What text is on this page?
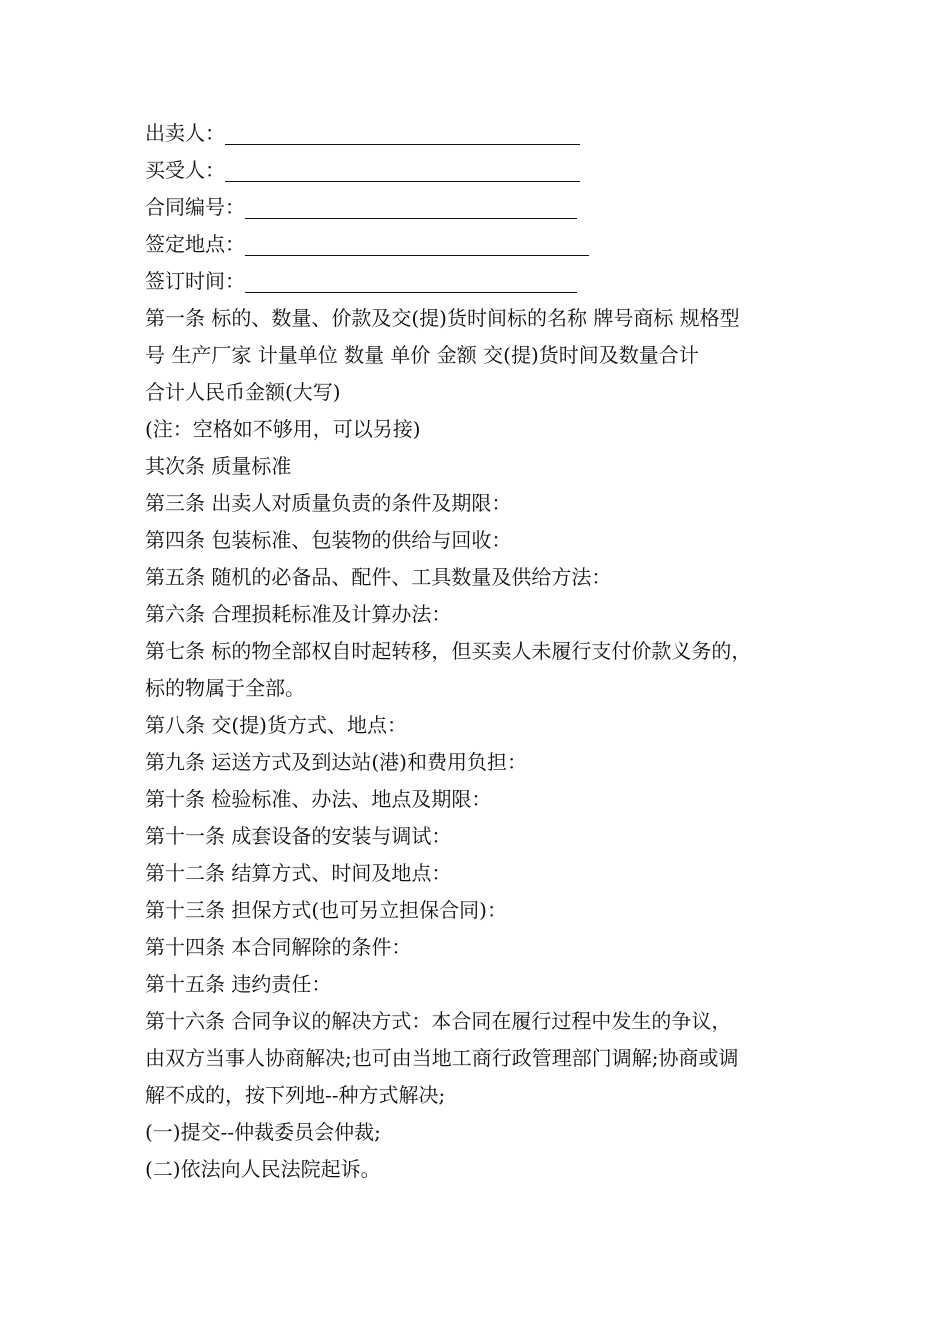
出卖人：
买受人：
合同编号：
签定地点：
签订时间：
第一条 标的、数量、价款及交(提)货时间标的名称 牌号商标 规格型
号 生产厂家 计量单位 数量 单价 金额 交(提)货时间及数量合计
合计人民币金额(大写)
(注：空格如不够用，可以另接)
其次条 质量标准
第三条 出卖人对质量负责的条件及期限：
第四条 包装标准、包装物的供给与回收：
第五条 随机的必备品、配件、工具数量及供给方法：
第六条 合理损耗标准及计算办法：
第七条 标的物全部权自时起转移，但买卖人未履行支付价款义务的，
标的物属于全部。
第八条 交(提)货方式、地点：
第九条 运送方式及到达站(港)和费用负担：
第十条 检验标准、办法、地点及期限：
第十一条 成套设备的安装与调试：
第十二条 结算方式、时间及地点：
第十三条 担保方式(也可另立担保合同)：
第十四条 本合同解除的条件：
第十五条 违约责任：
第十六条 合同争议的解决方式：本合同在履行过程中发生的争议，
由双方当事人协商解决;也可由当地工商行政管理部门调解;协商或调
解不成的，按下列地--种方式解决;
(一)提交--仲裁委员会仲裁;
(二)依法向人民法院起诉。
